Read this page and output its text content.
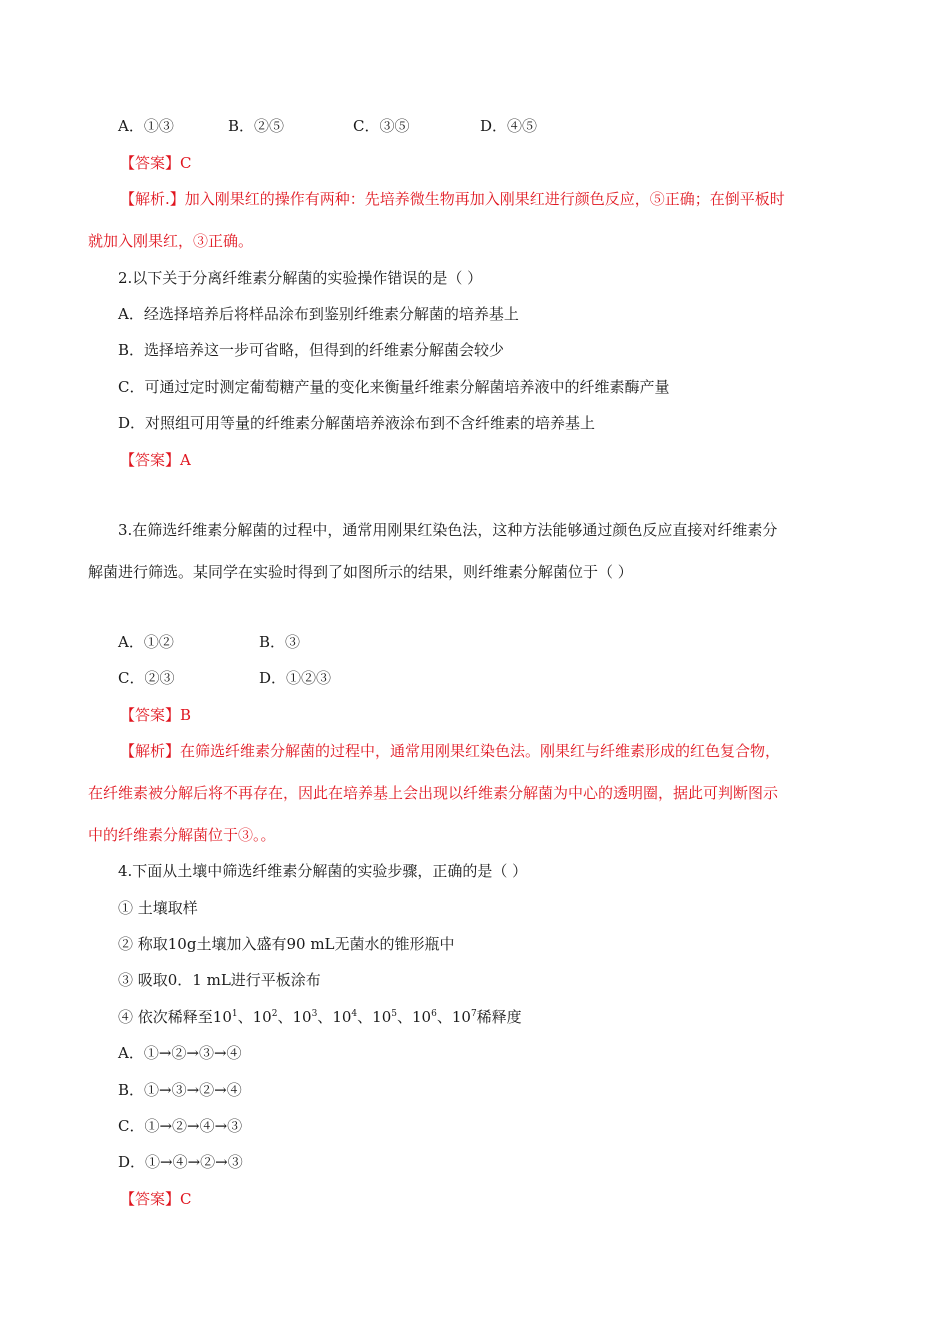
A．①③	B．②⑤	C．③⑤	D．④⑤
【答案】C
【解析.】加入刚果红的操作有两种：先培养微生物再加入刚果红进行颜色反应，⑤正确；在倒平板时
就加入刚果红，③正确。
2.以下关于分离纤维素分解菌的实验操作错误的是（ ）
A．经选择培养后将样品涂布到鉴别纤维素分解菌的培养基上
B．选择培养这一步可省略，但得到的纤维素分解菌会较少
C．可通过定时测定葡萄糖产量的变化来衡量纤维素分解菌培养液中的纤维素酶产量
D．对照组可用等量的纤维素分解菌培养液涂布到不含纤维素的培养基上
【答案】A
3.在筛选纤维素分解菌的过程中，通常用刚果红染色法，这种方法能够通过颜色反应直接对纤维素分
解菌进行筛选。某同学在实验时得到了如图所示的结果，则纤维素分解菌位于（ ）
A．①②	B．③
C．②③	D．①②③
【答案】B
【解析】在筛选纤维素分解菌的过程中，通常用刚果红染色法。刚果红与纤维素形成的红色复合物，
在纤维素被分解后将不再存在，因此在培养基上会出现以纤维素分解菌为中心的透明圈，据此可判断图示
中的纤维素分解菌位于③。。
4.下面从土壤中筛选纤维素分解菌的实验步骤，正确的是（ ）
① 土壤取样
② 称取10g土壤加入盛有90 mL无菌水的锥形瓶中
③ 吸取0．1 mL进行平板涂布
④ 依次稀释至$10^1$、$10^2$、$10^3$、$10^4$、$10^5$、$10^6$、$10^7$稀释度
A．①→②→③→④
B．①→③→②→④
C．①→②→④→③
D．①→④→②→③
【答案】C
